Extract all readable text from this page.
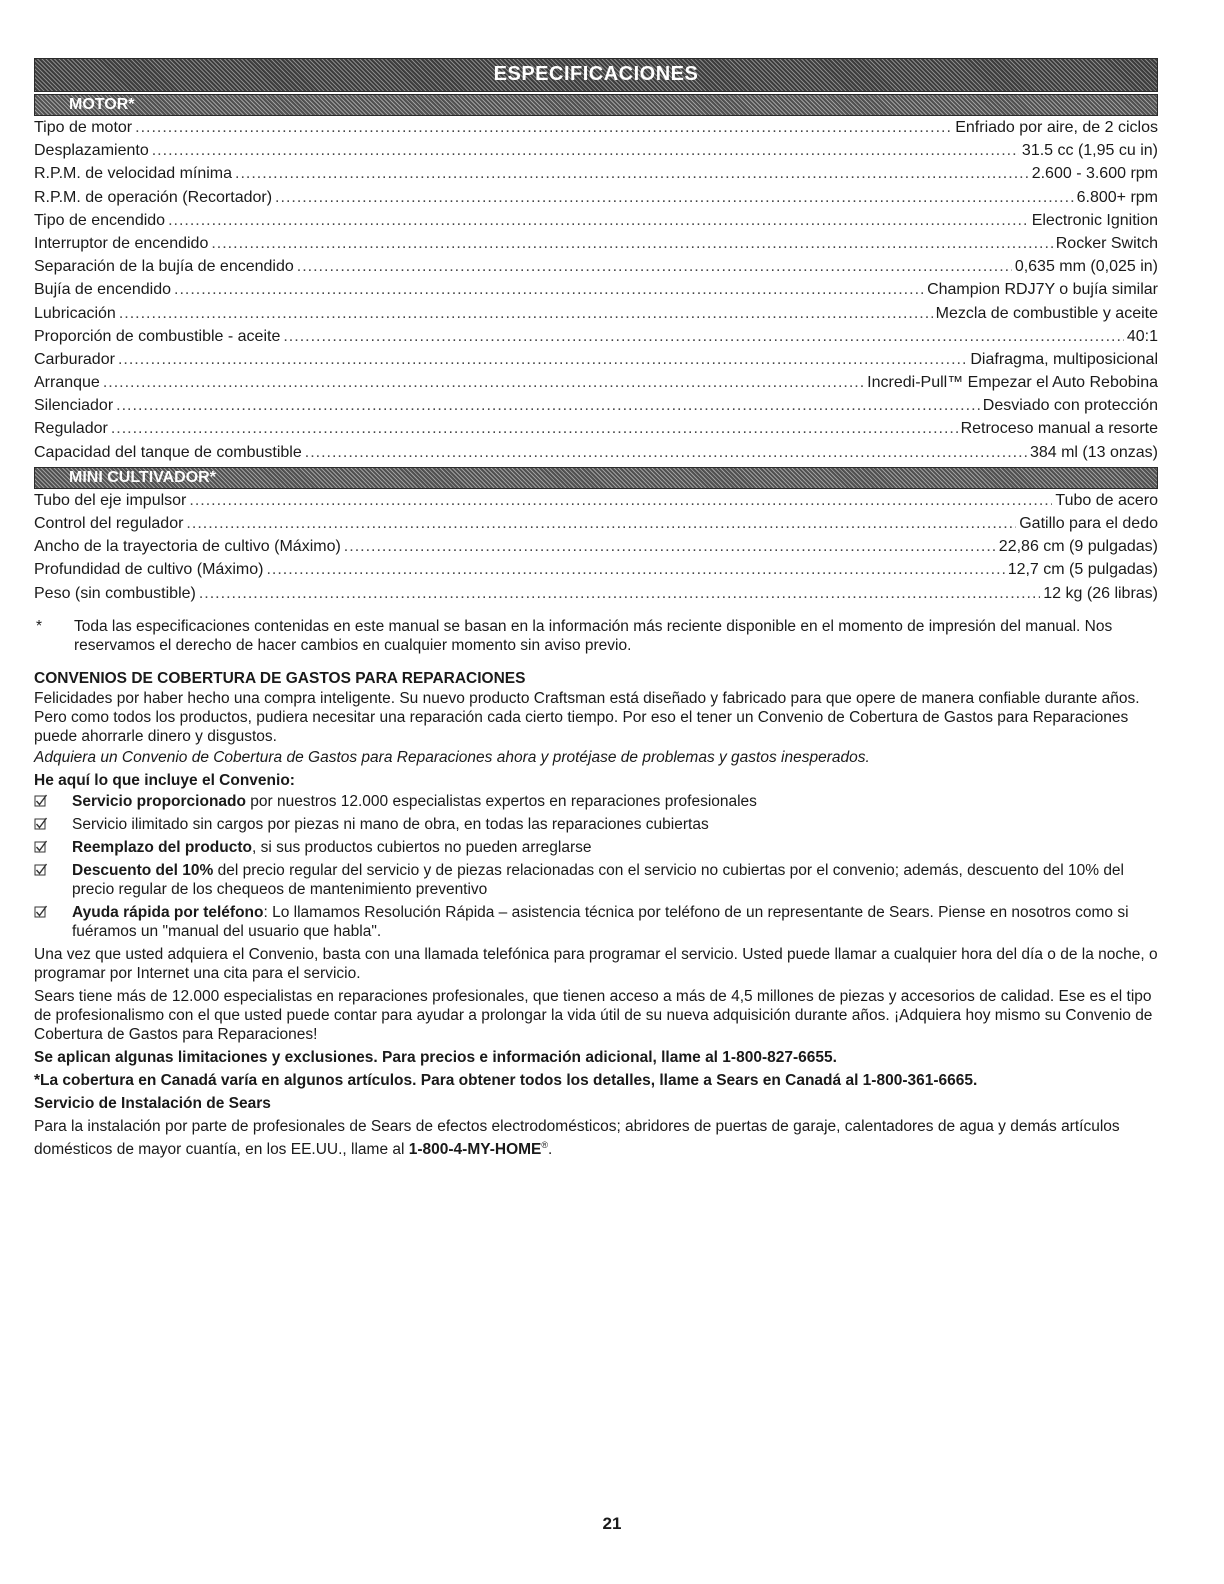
ESPECIFICACIONES
MOTOR*
Tipo de motor .....	Enfriado por aire, de 2 ciclos
Desplazamiento .....	31.5 cc (1,95 cu in)
R.P.M. de velocidad mínima .....	2.600 - 3.600 rpm
R.P.M. de operación (Recortador) .....	6.800+ rpm
Tipo de encendido .....	Electronic Ignition
Interruptor de encendido .....	Rocker Switch
Separación de la bujía de encendido .....	0,635 mm (0,025 in)
Bujía de encendido .....	Champion RDJ7Y o bujía similar
Lubricación .....	Mezcla de combustible y aceite
Proporción de combustible - aceite .....	40:1
Carburador .....	Diafragma, multiposicional
Arranque .....	Incredi-Pull™ Empezar el Auto Rebobina
Silenciador .....	Desviado con protección
Regulador .....	Retroceso manual a resorte
Capacidad del tanque de combustible .....	384 ml (13 onzas)
MINI CULTIVADOR*
Tubo del eje impulsor .....	Tubo de acero
Control del regulador .....	Gatillo para el dedo
Ancho de la trayectoria de cultivo (Máximo) .....	22,86 cm (9 pulgadas)
Profundidad de cultivo (Máximo) .....	12,7 cm (5 pulgadas)
Peso (sin combustible) .....	12 kg (26 libras)
*	Toda las especificaciones contenidas en este manual se basan en la información más reciente disponible en el momento de impresión del manual. Nos reservamos el derecho de hacer cambios en cualquier momento sin aviso previo.
CONVENIOS DE COBERTURA DE GASTOS PARA REPARACIONES

Felicidades por haber hecho una compra inteligente. Su nuevo producto Craftsman está diseñado y fabricado para que opere de manera confiable durante años. Pero como todos los productos, pudiera necesitar una reparación cada cierto tiempo. Por eso el tener un Convenio de Cobertura de Gastos para Reparaciones puede ahorrarle dinero y disgustos.

Adquiera un Convenio de Cobertura de Gastos para Reparaciones ahora y protéjase de problemas y gastos inesperados.

He aquí lo que incluye el Convenio:

Servicio proporcionado por nuestros 12.000 especialistas expertos en reparaciones profesionales
Servicio ilimitado sin cargos por piezas ni mano de obra, en todas las reparaciones cubiertas
Reemplazo del producto, si sus productos cubiertos no pueden arreglarse
Descuento del 10% del precio regular del servicio y de piezas relacionadas con el servicio no cubiertas por el convenio; además, descuento del 10% del precio regular de los chequeos de mantenimiento preventivo
Ayuda rápida por teléfono: Lo llamamos Resolución Rápida – asistencia técnica por teléfono de un representante de Sears. Piense en nosotros como si fuéramos un "manual del usuario que habla".

Una vez que usted adquiera el Convenio, basta con una llamada telefónica para programar el servicio. Usted puede llamar a cualquier hora del día o de la noche, o programar por Internet una cita para el servicio.

Sears tiene más de 12.000 especialistas en reparaciones profesionales, que tienen acceso a más de 4,5 millones de piezas y accesorios de calidad. Ese es el tipo de profesionalismo con el que usted puede contar para ayudar a prolongar la vida útil de su nueva adquisición durante años. ¡Adquiera hoy mismo su Convenio de Cobertura de Gastos para Reparaciones!

Se aplican algunas limitaciones y exclusiones. Para precios e información adicional, llame al 1-800-827-6655.

*La cobertura en Canadá varía en algunos artículos. Para obtener todos los detalles, llame a Sears en Canadá al 1-800-361-6665.

Servicio de Instalación de Sears

Para la instalación por parte de profesionales de Sears de efectos electrodomésticos; abridores de puertas de garaje, calentadores de agua y demás artículos domésticos de mayor cuantía, en los EE.UU., llame al 1-800-4-MY-HOME®.

21
